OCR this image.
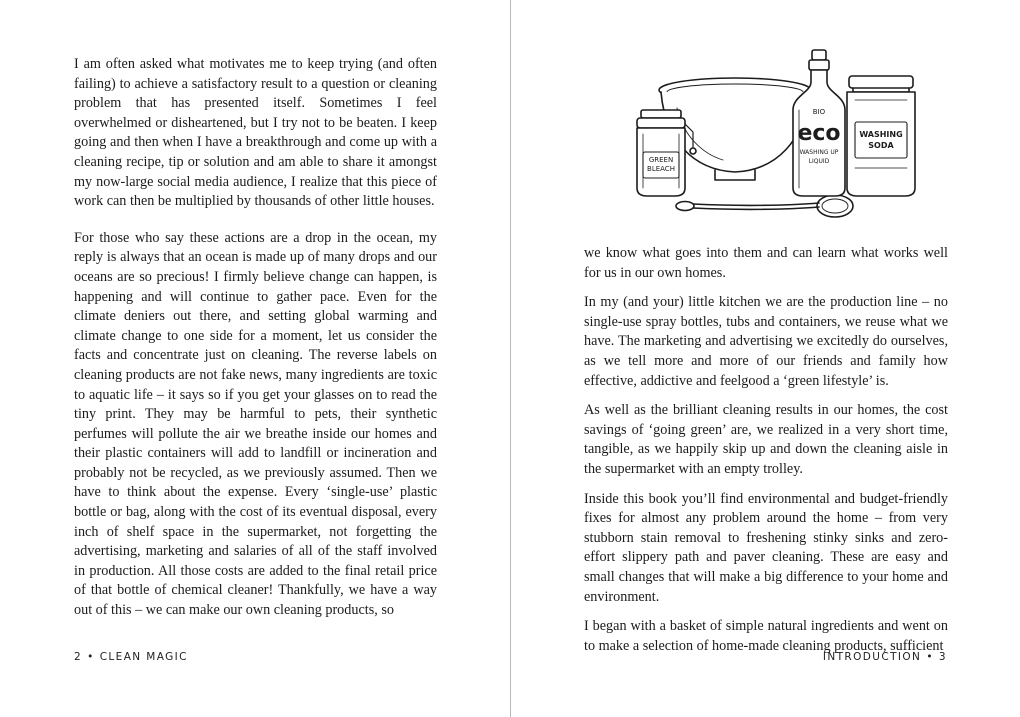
I am often asked what motivates me to keep trying (and often failing) to achieve a satisfactory result to a question or cleaning problem that has presented itself. Sometimes I feel overwhelmed or disheartened, but I try not to be beaten. I keep going and then when I have a breakthrough and come up with a cleaning recipe, tip or solution and am able to share it amongst my now-large social media audience, I realize that this piece of work can then be multiplied by thousands of other little houses.

For those who say these actions are a drop in the ocean, my reply is always that an ocean is made up of many drops and our oceans are so precious! I firmly believe change can happen, is happening and will continue to gather pace. Even for the climate deniers out there, and setting global warming and climate change to one side for a moment, let us consider the facts and concentrate just on cleaning. The reverse labels on cleaning products are not fake news, many ingredients are toxic to aquatic life – it says so if you get your glasses on to read the tiny print. They may be harmful to pets, their synthetic perfumes will pollute the air we breathe inside our homes and their plastic containers will add to landfill or incineration and probably not be recycled, as we previously assumed. Then we have to think about the expense. Every ‘single-use’ plastic bottle or bag, along with the cost of its eventual disposal, every inch of shelf space in the supermarket, not forgetting the advertising, marketing and salaries of all of the staff involved in production. All those costs are added to the final retail price of that bottle of chemical cleaner! Thankfully, we have a way out of this – we can make our own cleaning products, so

2 • CLEAN MAGIC
GREEN
BLEACH
BIO
eco
WASHING UP
LIQUID
WASHING
SODA

we know what goes into them and can learn what works well for us in our own homes.

In my (and your) little kitchen we are the production line – no single-use spray bottles, tubs and containers, we reuse what we have. The marketing and advertising we excitedly do ourselves, as we tell more and more of our friends and family how effective, addictive and feelgood a ‘green lifestyle’ is.

As well as the brilliant cleaning results in our homes, the cost savings of ‘going green’ are, we realized in a very short time, tangible, as we happily skip up and down the cleaning aisle in the supermarket with an empty trolley.

Inside this book you’ll find environmental and budget-friendly fixes for almost any problem around the home – from very stubborn stain removal to freshening stinky sinks and zero-effort slippery path and paver cleaning. These are easy and small changes that will make a big difference to your home and environment.

I began with a basket of simple natural ingredients and went on to make a selection of home-made cleaning products, sufficient

INTRODUCTION • 3
